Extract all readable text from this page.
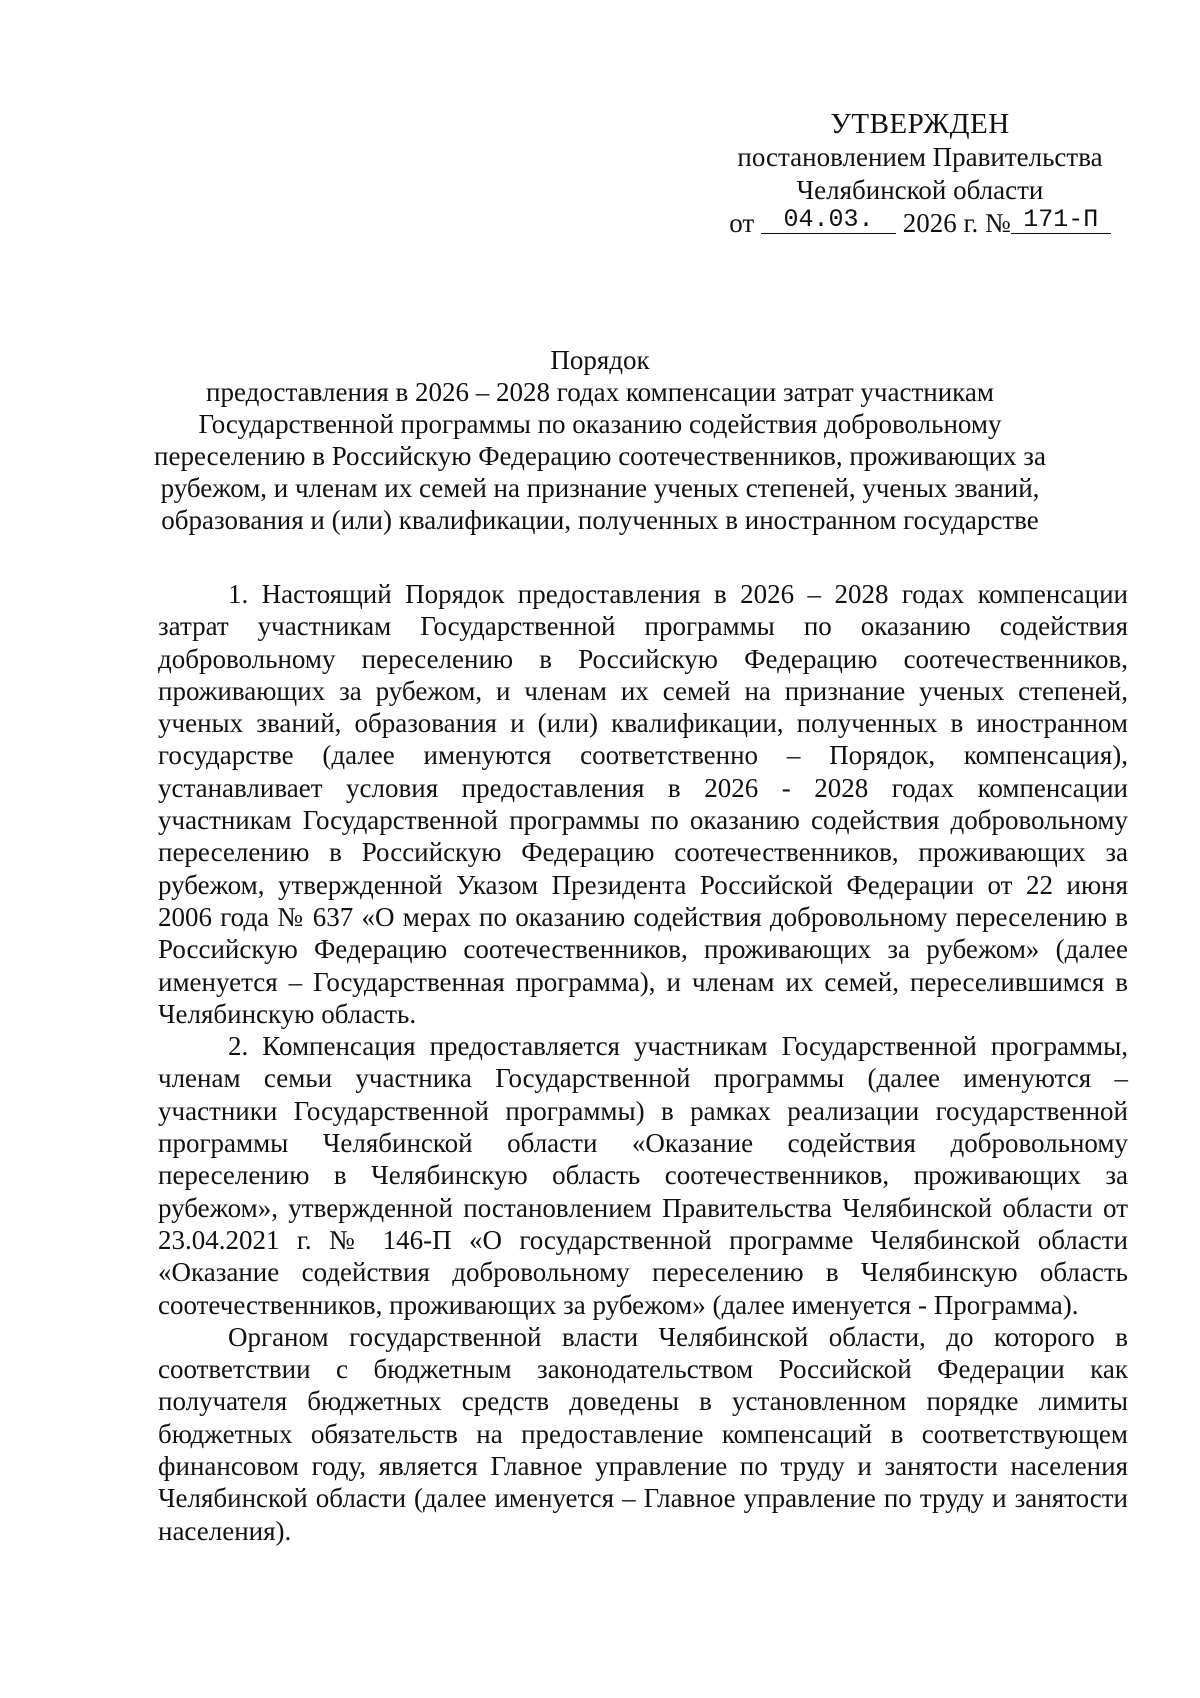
УТВЕРЖДЕН
постановлением Правительства
Челябинской области
от 04.03. 2026 г. № 171-П
Порядок
предоставления в 2026 – 2028 годах компенсации затрат участникам Государственной программы по оказанию содействия добровольному переселению в Российскую Федерацию соотечественников, проживающих за рубежом, и членам их семей на признание ученых степеней, ученых званий, образования и (или) квалификации, полученных в иностранном государстве

1. Настоящий Порядок предоставления в 2026 – 2028 годах компенсации затрат участникам Государственной программы по оказанию содействия добровольному переселению в Российскую Федерацию соотечественников, проживающих за рубежом, и членам их семей на признание ученых степеней, ученых званий, образования и (или) квалификации, полученных в иностранном государстве (далее именуются соответственно – Порядок, компенсация), устанавливает условия предоставления в 2026 - 2028 годах компенсации участникам Государственной программы по оказанию содействия добровольному переселению в Российскую Федерацию соотечественников, проживающих за рубежом, утвержденной Указом Президента Российской Федерации от 22 июня 2006 года № 637 «О мерах по оказанию содействия добровольному переселению в Российскую Федерацию соотечественников, проживающих за рубежом» (далее именуется – Государственная программа), и членам их семей, переселившимся в Челябинскую область.

2. Компенсация предоставляется участникам Государственной программы, членам семьи участника Государственной программы (далее именуются – участники Государственной программы) в рамках реализации государственной программы Челябинской области «Оказание содействия добровольному переселению в Челябинскую область соотечественников, проживающих за рубежом», утвержденной постановлением Правительства Челябинской области от 23.04.2021 г. № 146-П «О государственной программе Челябинской области «Оказание содействия добровольному переселению в Челябинскую область соотечественников, проживающих за рубежом» (далее именуется - Программа).

Органом государственной власти Челябинской области, до которого в соответствии с бюджетным законодательством Российской Федерации как получателя бюджетных средств доведены в установленном порядке лимиты бюджетных обязательств на предоставление компенсаций в соответствующем финансовом году, является Главное управление по труду и занятости населения Челябинской области (далее именуется – Главное управление по труду и занятости населения).
